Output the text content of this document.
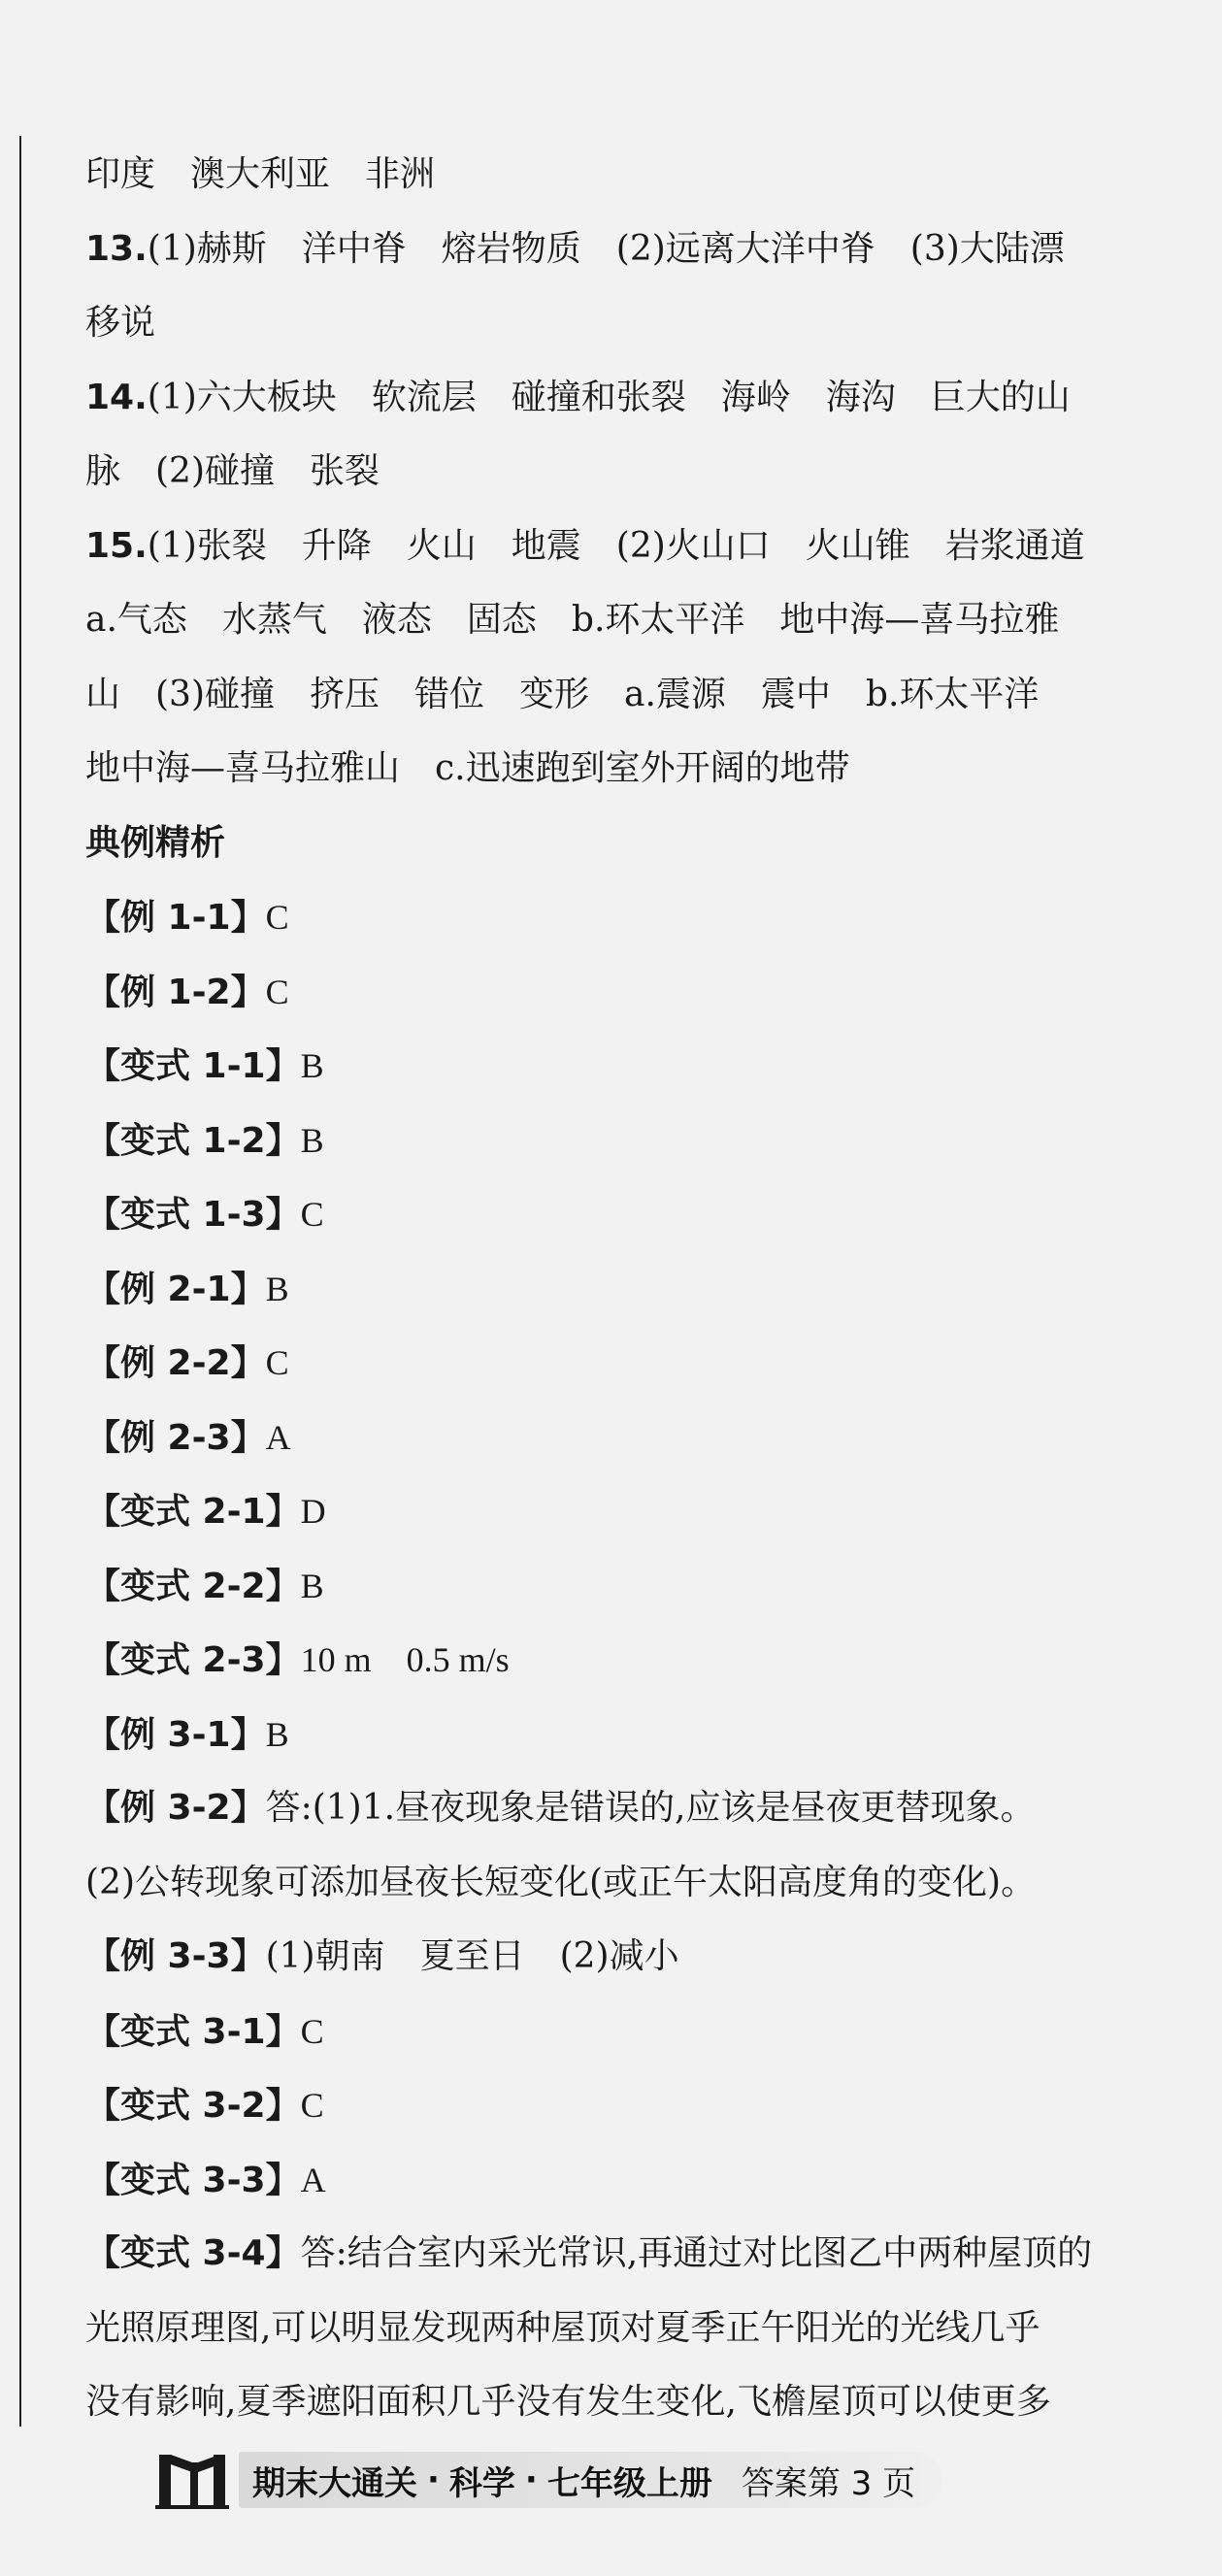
印度　澳大利亚　非洲
13.(1)赫斯　洋中脊　熔岩物质　(2)远离大洋中脊　(3)大陆漂
移说
14.(1)六大板块　软流层　碰撞和张裂　海岭　海沟　巨大的山
脉　(2)碰撞　张裂
15.(1)张裂　升降　火山　地震　(2)火山口　火山锥　岩浆通道
a.气态　水蒸气　液态　固态　b.环太平洋　地中海—喜马拉雅
山　(3)碰撞　挤压　错位　变形　a.震源　震中　b.环太平洋
地中海—喜马拉雅山　c.迅速跑到室外开阔的地带
典例精析
【例 1-1】C
【例 1-2】C
【变式 1-1】B
【变式 1-2】B
【变式 1-3】C
【例 2-1】B
【例 2-2】C
【例 2-3】A
【变式 2-1】D
【变式 2-2】B
【变式 2-3】10 m　0.5 m/s
【例 3-1】B
【例 3-2】答:(1)1.昼夜现象是错误的,应该是昼夜更替现象。
(2)公转现象可添加昼夜长短变化(或正午太阳高度角的变化)。
【例 3-3】(1)朝南　夏至日　(2)减小
【变式 3-1】C
【变式 3-2】C
【变式 3-3】A
【变式 3-4】答:结合室内采光常识,再通过对比图乙中两种屋顶的
光照原理图,可以明显发现两种屋顶对夏季正午阳光的光线几乎
没有影响,夏季遮阳面积几乎没有发生变化,飞檐屋顶可以使更多
期末大通关 · 科学 · 七年级上册 答案第 3 页
